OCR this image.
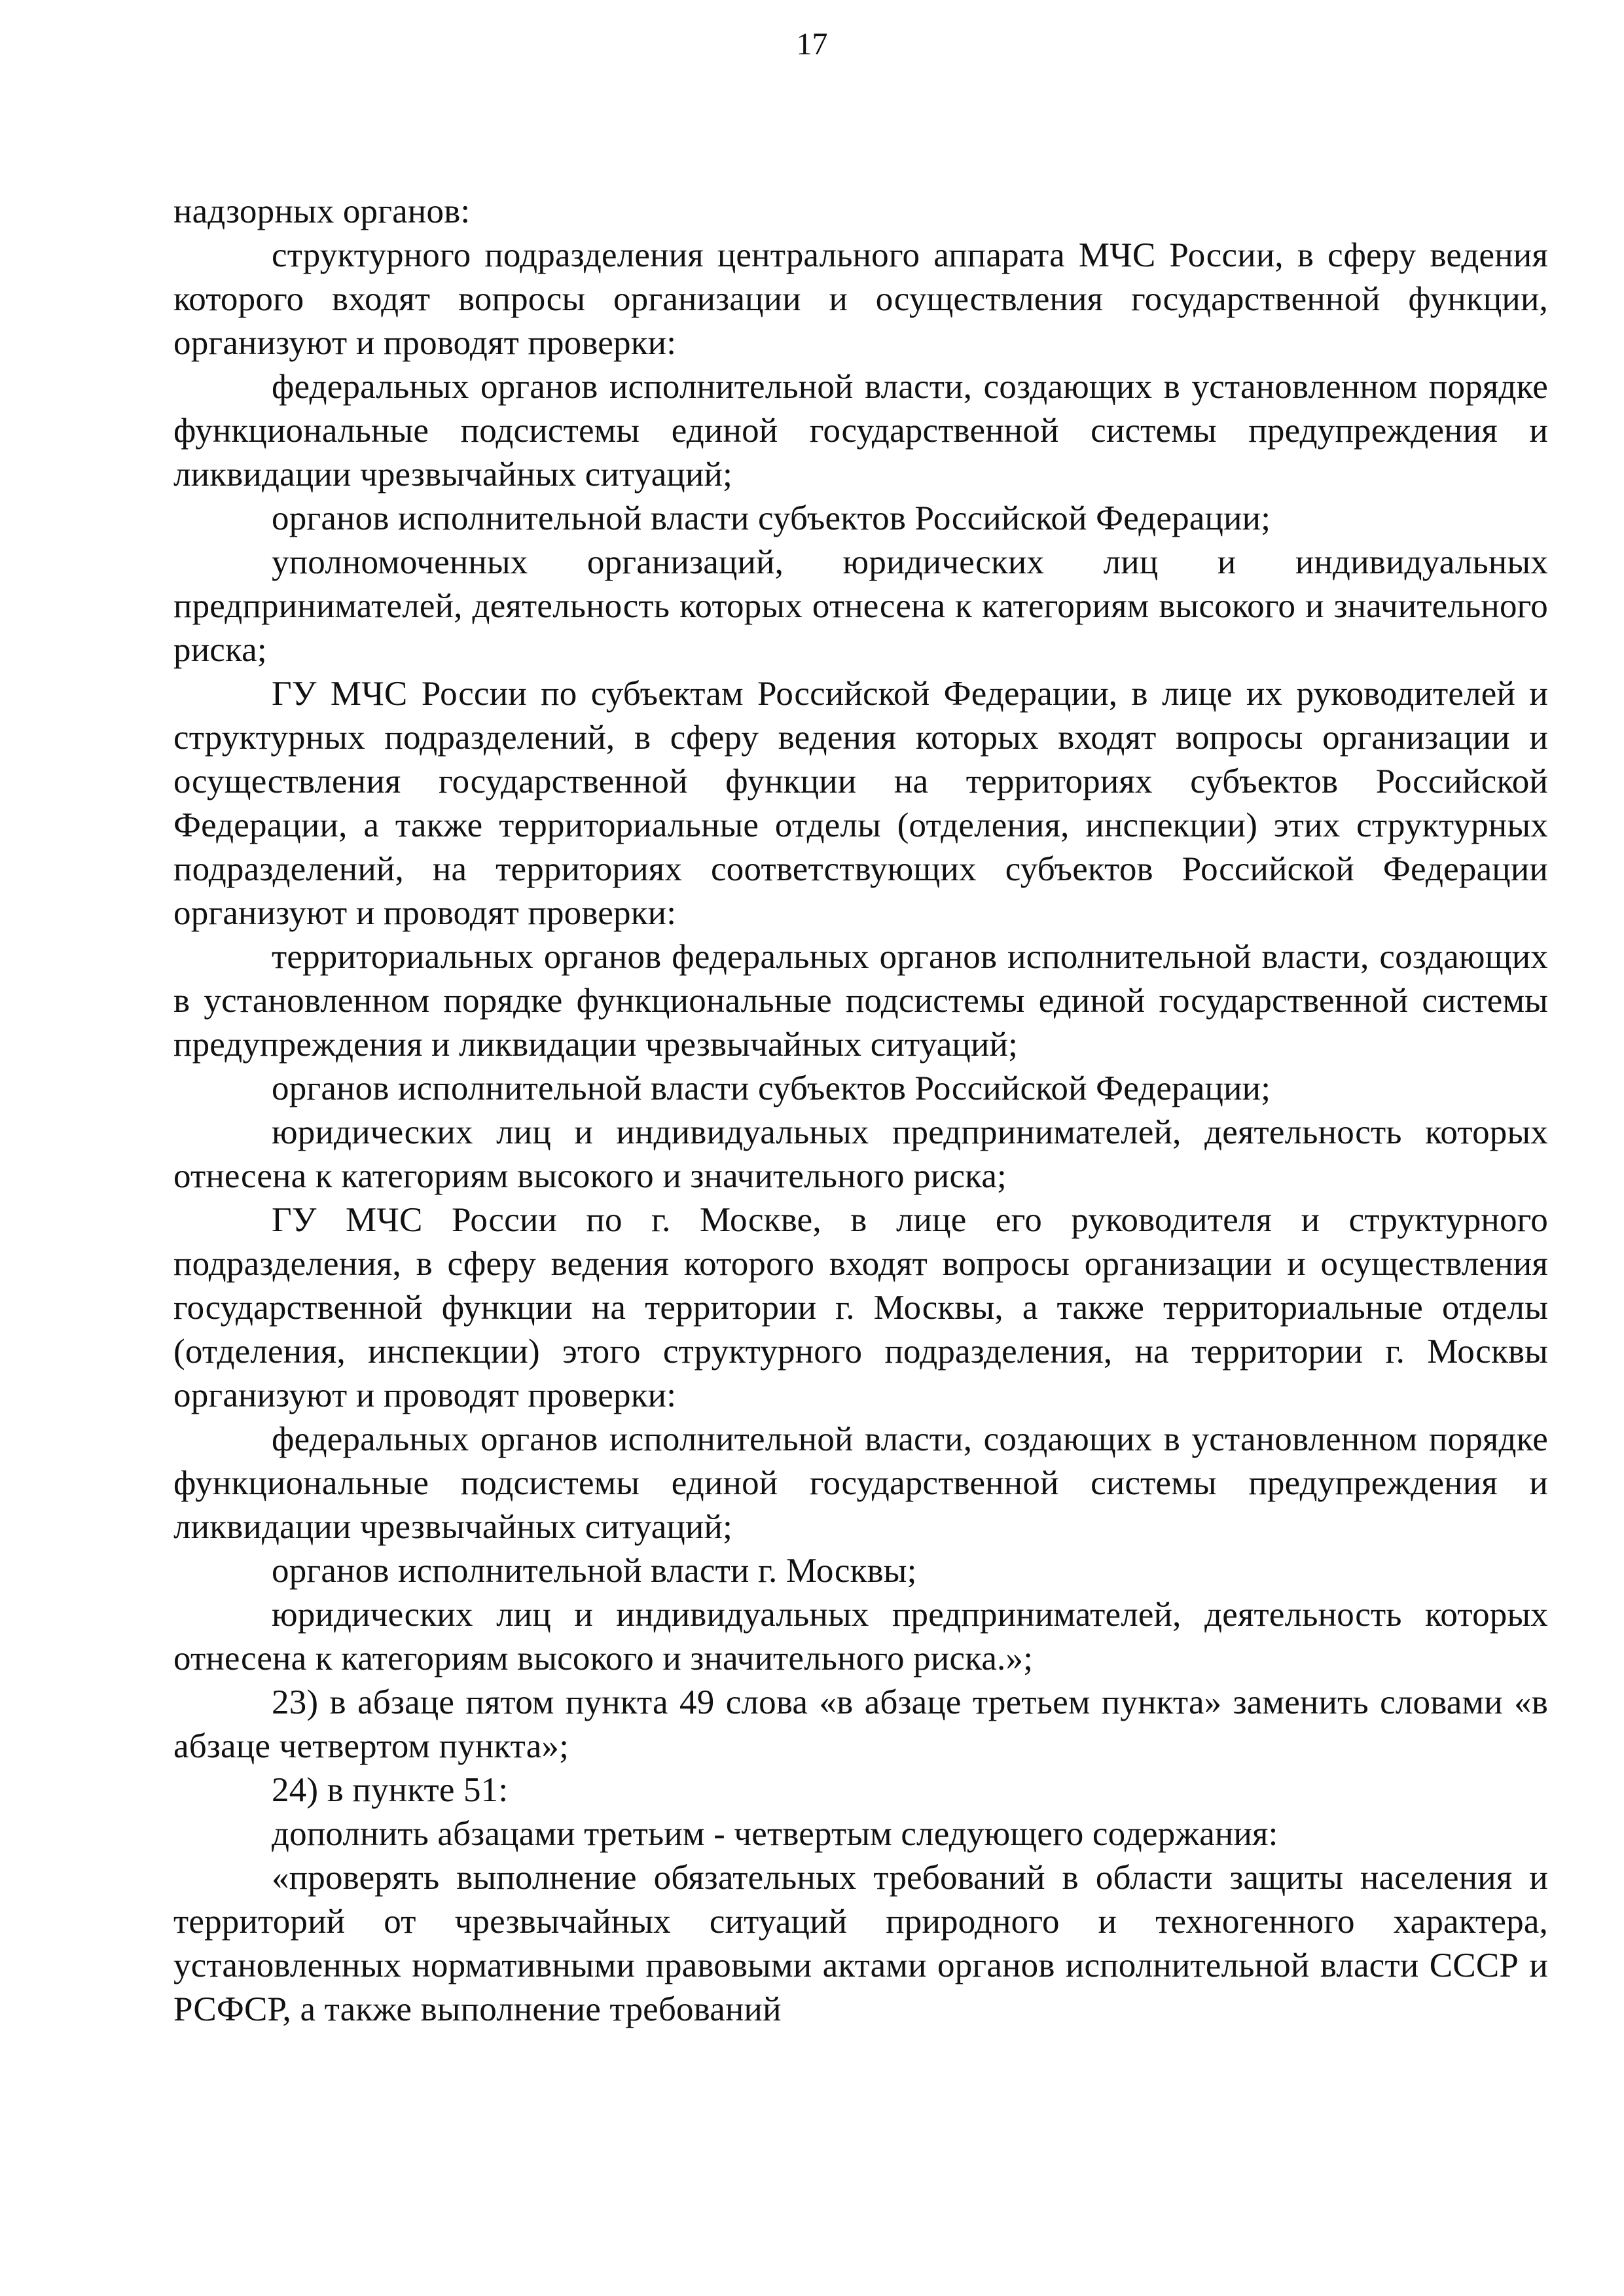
17

надзорных органов:

структурного подразделения центрального аппарата МЧС России, в сферу ведения которого входят вопросы организации и осуществления государственной функции, организуют и проводят проверки:

федеральных органов исполнительной власти, создающих в установленном порядке функциональные подсистемы единой государственной системы предупреждения и ликвидации чрезвычайных ситуаций;

органов исполнительной власти субъектов Российской Федерации;

уполномоченных организаций, юридических лиц и индивидуальных предпринимателей, деятельность которых отнесена к категориям высокого и значительного риска;

ГУ МЧС России по субъектам Российской Федерации, в лице их руководителей и структурных подразделений, в сферу ведения которых входят вопросы организации и осуществления государственной функции на территориях субъектов Российской Федерации, а также территориальные отделы (отделения, инспекции) этих структурных подразделений, на территориях соответствующих субъектов Российской Федерации организуют и проводят проверки:

территориальных органов федеральных органов исполнительной власти, создающих в установленном порядке функциональные подсистемы единой государственной системы предупреждения и ликвидации чрезвычайных ситуаций;

органов исполнительной власти субъектов Российской Федерации;

юридических лиц и индивидуальных предпринимателей, деятельность которых отнесена к категориям высокого и значительного риска;

ГУ МЧС России по г. Москве, в лице его руководителя и структурного подразделения, в сферу ведения которого входят вопросы организации и осуществления государственной функции на территории г. Москвы, а также территориальные отделы (отделения, инспекции) этого структурного подразделения, на территории г. Москвы организуют и проводят проверки:

федеральных органов исполнительной власти, создающих в установленном порядке функциональные подсистемы единой государственной системы предупреждения и ликвидации чрезвычайных ситуаций;

органов исполнительной власти г. Москвы;

юридических лиц и индивидуальных предпринимателей, деятельность которых отнесена к категориям высокого и значительного риска.»;

23) в абзаце пятом пункта 49 слова «в абзаце третьем пункта» заменить словами «в абзаце четвертом пункта»;

24) в пункте 51:

дополнить абзацами третьим - четвертым следующего содержания:

«проверять выполнение обязательных требований в области защиты населения и территорий от чрезвычайных ситуаций природного и техногенного характера, установленных нормативными правовыми актами органов исполнительной власти СССР и РСФСР, а также выполнение требований
